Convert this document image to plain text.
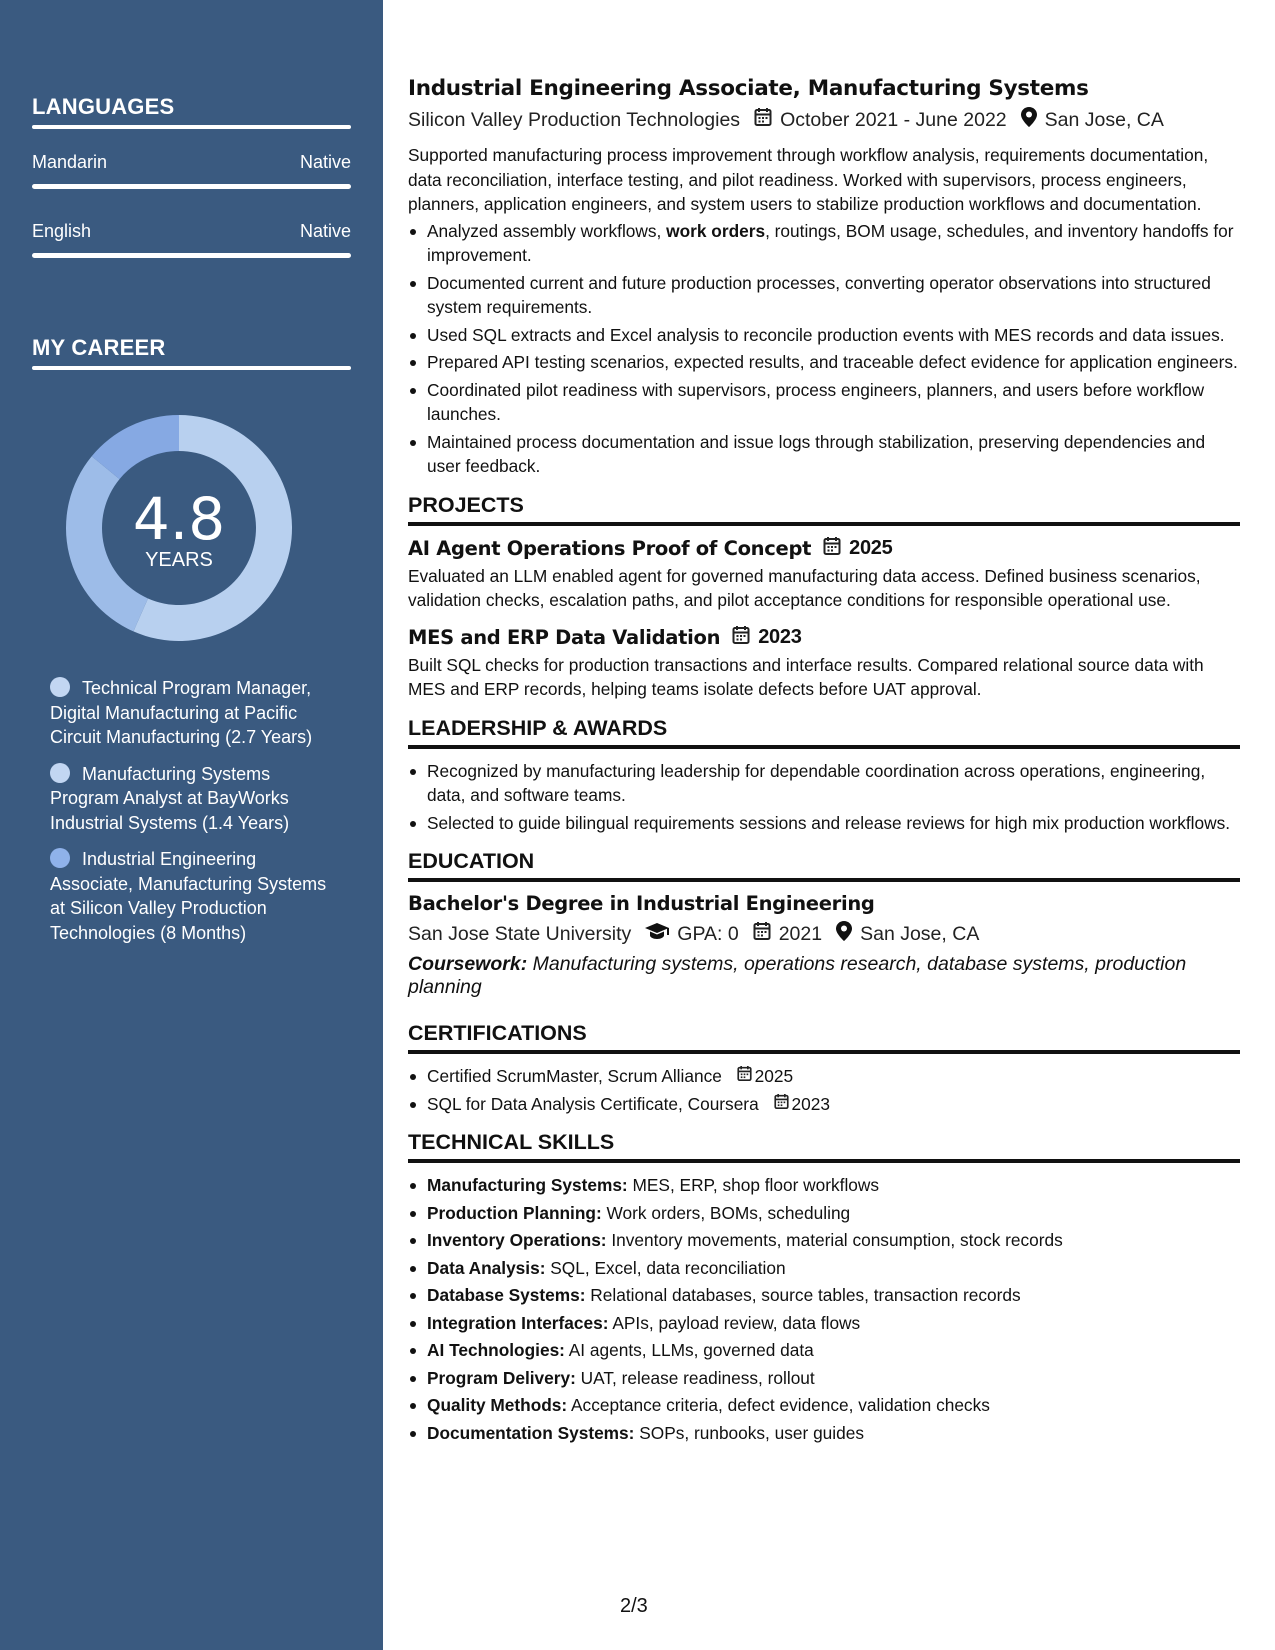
LANGUAGES
Mandarin	Native
English	Native
MY CAREER
4.8
YEARS
Technical Program Manager, Digital Manufacturing at Pacific Circuit Manufacturing (2.7 Years)
Manufacturing Systems Program Analyst at BayWorks Industrial Systems (1.4 Years)
Industrial Engineering Associate, Manufacturing Systems at Silicon Valley Production Technologies (8 Months)
Industrial Engineering Associate, Manufacturing Systems
Silicon Valley Production Technologies October 2021 - June 2022 San Jose, CA

Supported manufacturing process improvement through workflow analysis, requirements documentation, data reconciliation, interface testing, and pilot readiness. Worked with supervisors, process engineers, planners, application engineers, and system users to stabilize production workflows and documentation.

Analyzed assembly workflows, work orders, routings, BOM usage, schedules, and inventory handoffs for improvement.
Documented current and future production processes, converting operator observations into structured system requirements.
Used SQL extracts and Excel analysis to reconcile production events with MES records and data issues.
Prepared API testing scenarios, expected results, and traceable defect evidence for application engineers.
Coordinated pilot readiness with supervisors, process engineers, planners, and users before workflow launches.
Maintained process documentation and issue logs through stabilization, preserving dependencies and user feedback.
PROJECTS
AI Agent Operations Proof of Concept 2025

Evaluated an LLM enabled agent for governed manufacturing data access. Defined business scenarios, validation checks, escalation paths, and pilot acceptance conditions for responsible operational use.

MES and ERP Data Validation 2023

Built SQL checks for production transactions and interface results. Compared relational source data with MES and ERP records, helping teams isolate defects before UAT approval.

LEADERSHIP & AWARDS
Recognized by manufacturing leadership for dependable coordination across operations, engineering, data, and software teams.
Selected to guide bilingual requirements sessions and release reviews for high mix production workflows.
EDUCATION
Bachelor's Degree in Industrial Engineering
San Jose State University GPA: 0 2021 San Jose, CA

Coursework: Manufacturing systems, operations research, database systems, production planning

CERTIFICATIONS
Certified ScrumMaster, Scrum Alliance 2025
SQL for Data Analysis Certificate, Coursera 2023
TECHNICAL SKILLS
Manufacturing Systems: MES, ERP, shop floor workflows
Production Planning: Work orders, BOMs, scheduling
Inventory Operations: Inventory movements, material consumption, stock records
Data Analysis: SQL, Excel, data reconciliation
Database Systems: Relational databases, source tables, transaction records
Integration Interfaces: APIs, payload review, data flows
AI Technologies: AI agents, LLMs, governed data
Program Delivery: UAT, release readiness, rollout
Quality Methods: Acceptance criteria, defect evidence, validation checks
Documentation Systems: SOPs, runbooks, user guides
2/3
